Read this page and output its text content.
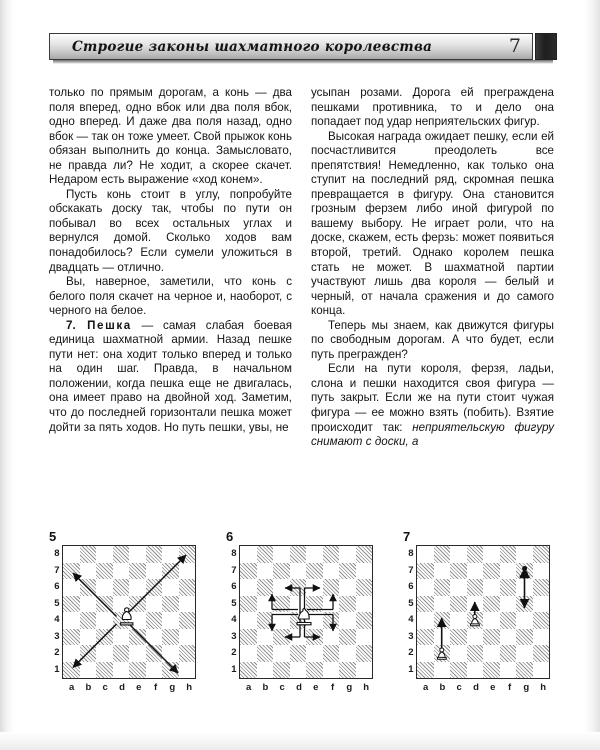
Строгие законы шахматного королевства	7

только по прямым дорогам, а конь — два поля вперед, одно вбок или два поля вбок, одно вперед. И даже два поля назад, одно вбок — так он тоже умеет. Свой прыжок конь обязан выполнить до конца. Замысловато, не правда ли? Не ходит, а скорее скачет. Недаром есть выражение «ход конем».

Пусть конь стоит в углу, попробуйте обскакать доску так, чтобы по пути он побывал во всех остальных углах и вернулся домой. Сколько ходов вам понадобилось? Если сумели уложиться в двадцать — отлично.

Вы, наверное, заметили, что конь с белого поля скачет на черное и, наоборот, с черного на белое.

7. Пешка — самая слабая боевая единица шахматной армии. Назад пешке пути нет: она ходит только вперед и только на один шаг. Правда, в начальном положении, когда пешка еще не двигалась, она имеет право на двойной ход. Заметим, что до последней горизонтали пешка может дойти за пять ходов. Но путь пешки, увы, не

усыпан розами. Дорога ей преграждена пешками противника, то и дело она попадает под удар неприятельских фигур.

Высокая награда ожидает пешку, если ей посчастливится преодолеть все препятствия! Немедленно, как только она ступит на последний ряд, скромная пешка превращается в фигуру. Она становится грозным ферзем либо иной фигурой по вашему выбору. Не играет роли, что на доске, скажем, есть ферзь: может появиться второй, третий. Однако королем пешка стать не может. В шахматной партии участвуют лишь два короля — белый и черный, от начала сражения и до самого конца.

Теперь мы знаем, как движутся фигуры по свободным дорогам. А что будет, если путь прегражден?

Если на пути короля, ферзя, ладьи, слона и пешки находится своя фигура — путь закрыт. Если же на пути стоит чужая фигура — ее можно взять (побить). Взятие происходит так: неприятельскую фигуру снимают с доски, а

5
8
7
6
5
4
3
2
1
a	b	c	d	e	f	g	h
6
8
7
6
5
4
3
2
1
a	b	c	d	e	f	g	h
7
8
7
6
5
4
3
2
1
a	b	c	d	e	f	g	h
